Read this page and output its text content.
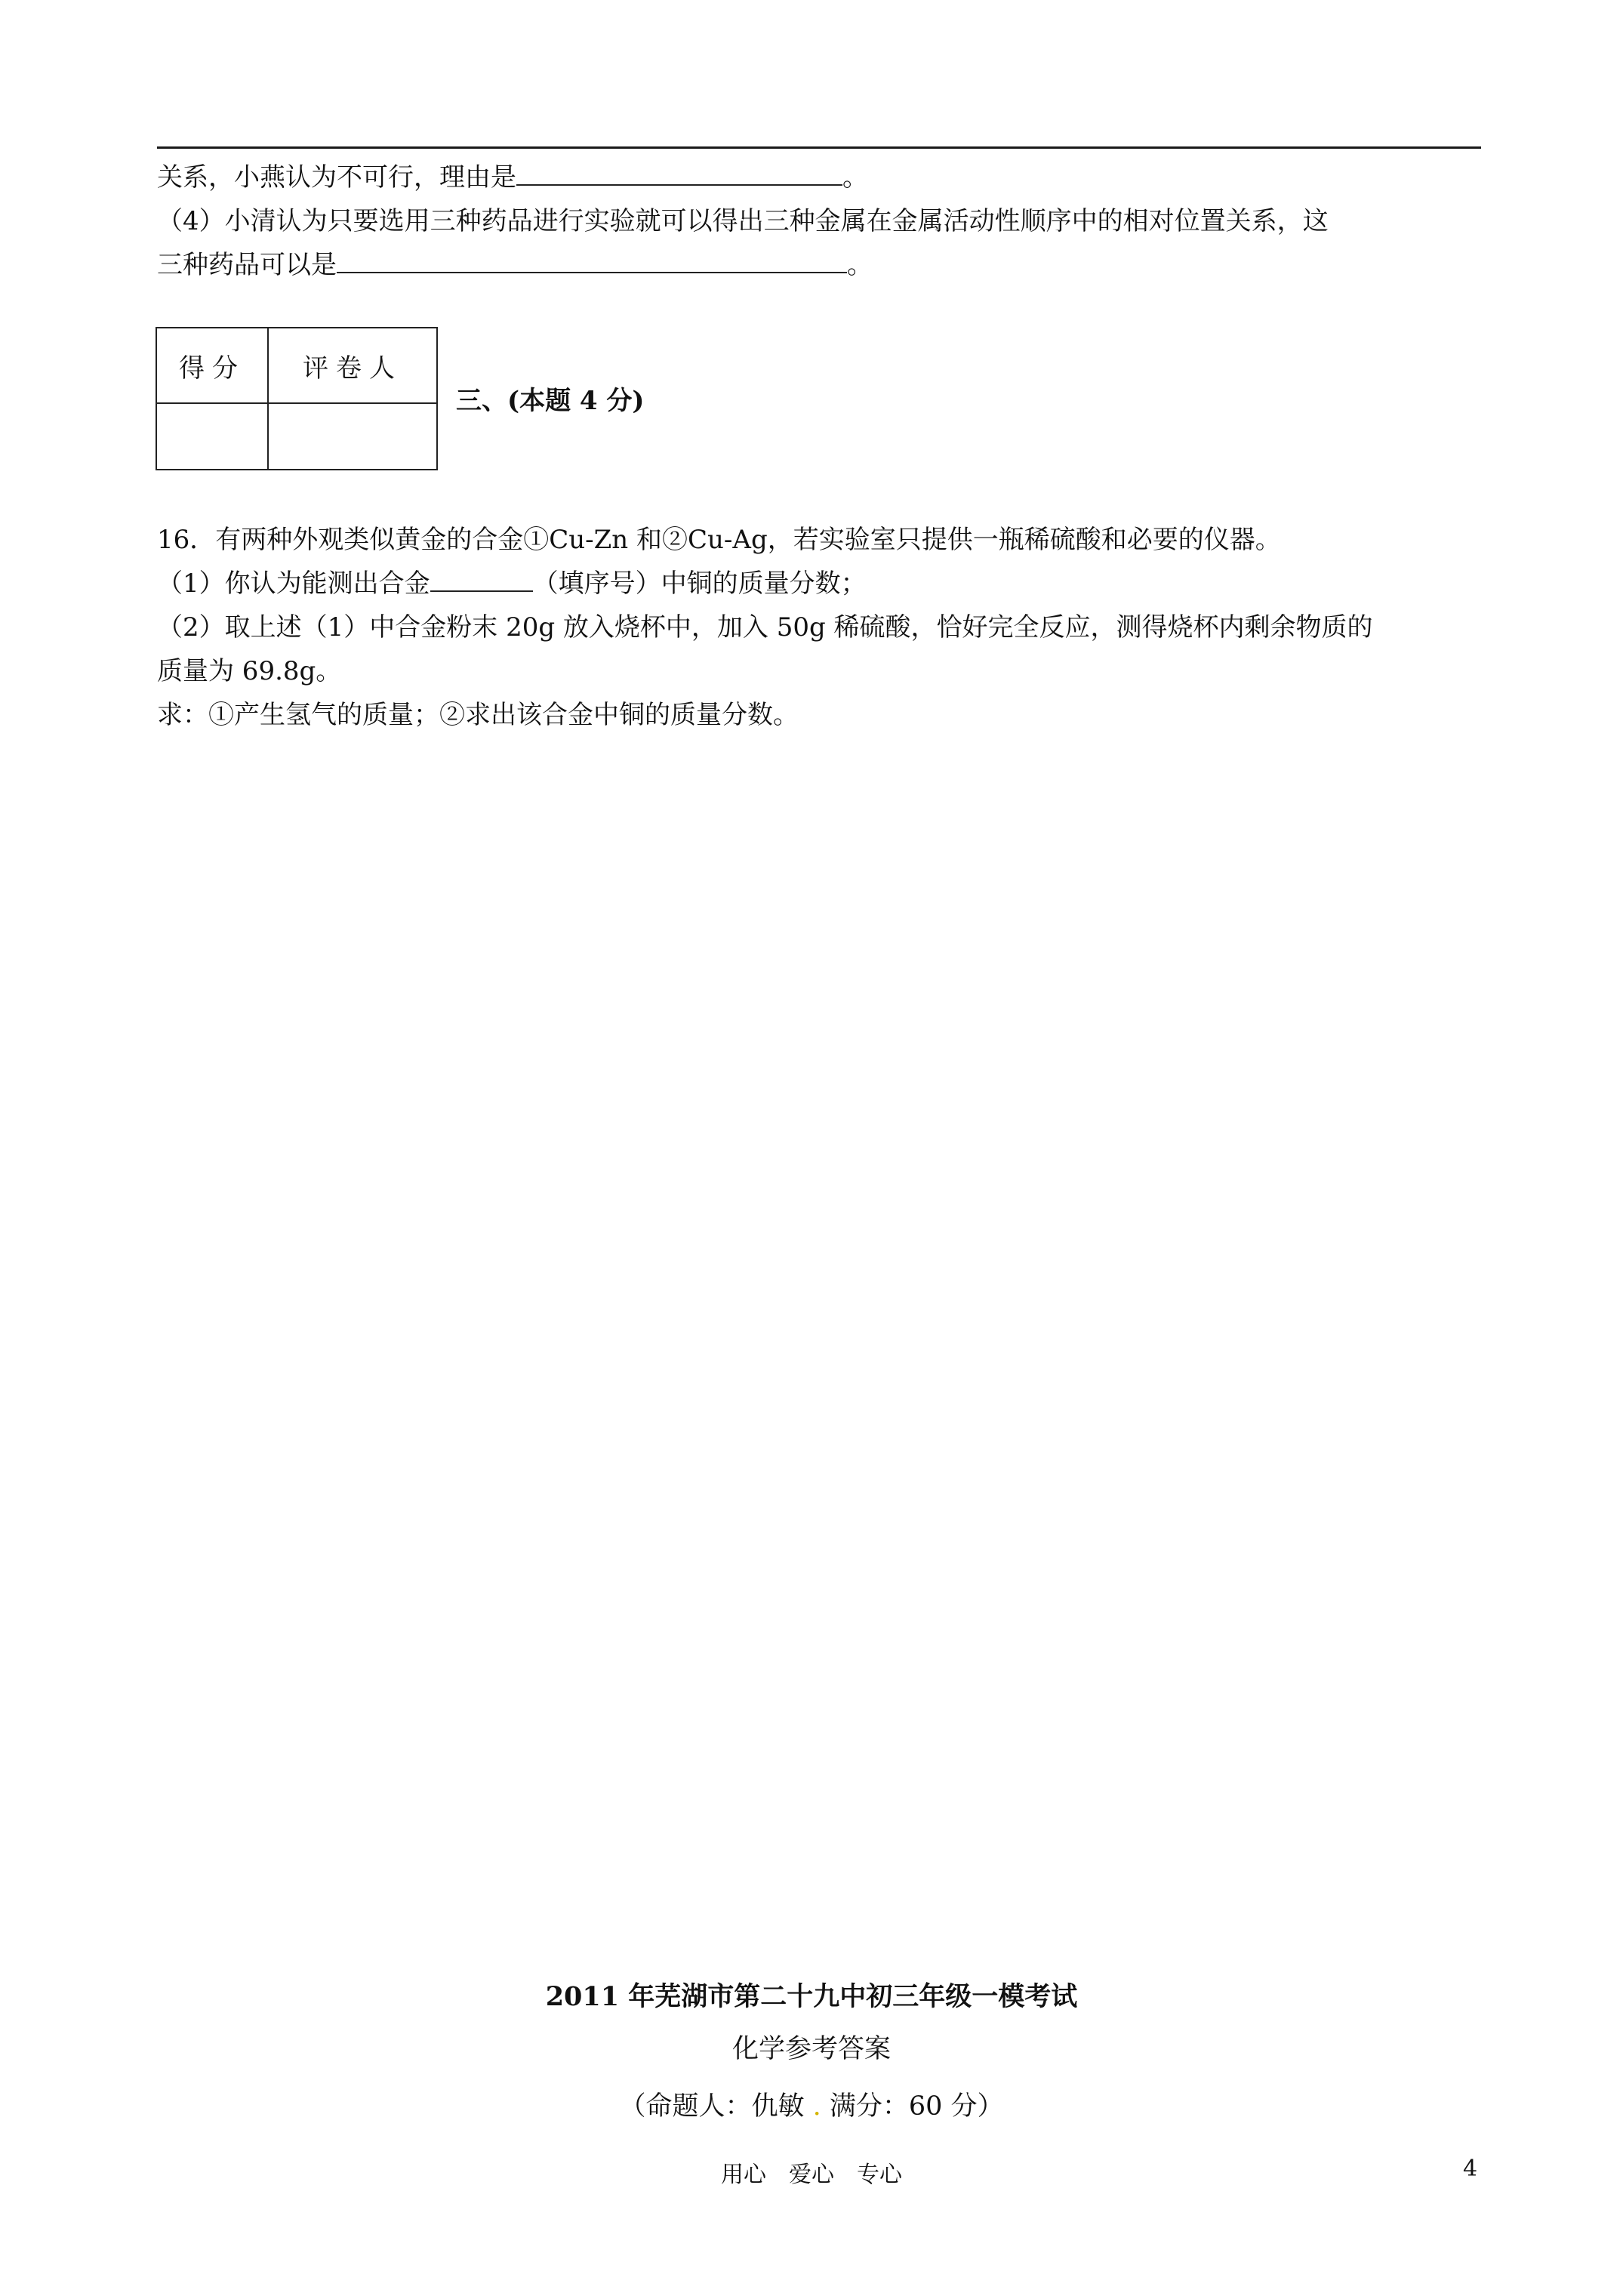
关系，小燕认为不可行，理由是	。
（4）小清认为只要选用三种药品进行实验就可以得出三种金属在金属活动性顺序中的相对位置关系，这
三种药品可以是	。
得分	评卷人

三、(本题 4 分)
16．有两种外观类似黄金的合金①Cu-Zn 和②Cu-Ag，若实验室只提供一瓶稀硫酸和必要的仪器。
（1）你认为能测出合金	（填序号）中铜的质量分数；
（2）取上述（1）中合金粉末 20g 放入烧杯中，加入 50g 稀硫酸，恰好完全反应，测得烧杯内剩余物质的
质量为 69.8g。
求：①产生氢气的质量；②求出该合金中铜的质量分数。
2011 年芜湖市第二十九中初三年级一模考试
化学参考答案
（命题人：仇敏 . 满分：60 分）
用心　爱心　专心	4
